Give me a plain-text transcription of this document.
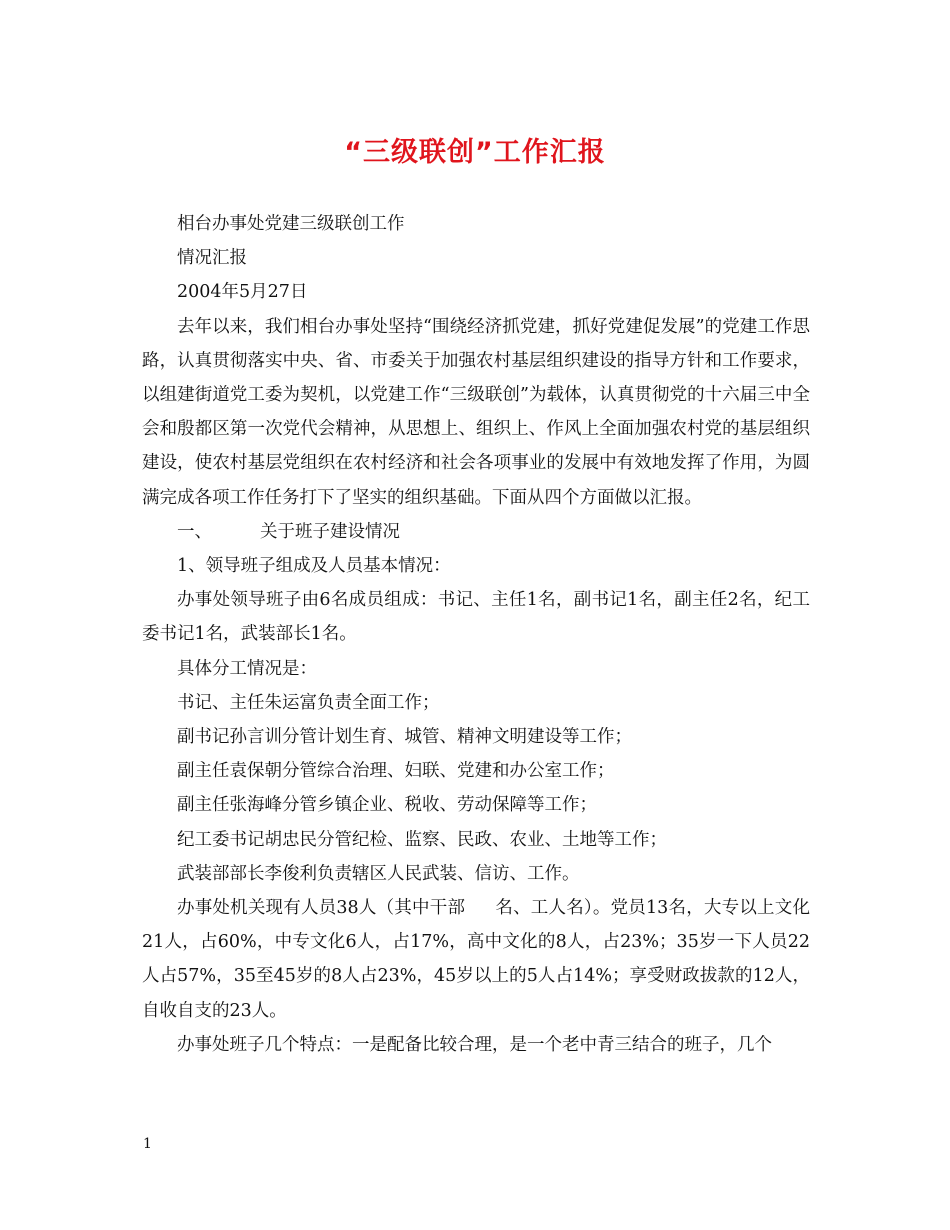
“三级联创”工作汇报

相台办事处党建三级联创工作

情况汇报

2004年5月27日

去年以来，我们相台办事处坚持“围绕经济抓党建，抓好党建促发展”的党建工作思路，认真贯彻落实中央、省、市委关于加强农村基层组织建设的指导方针和工作要求，以组建街道党工委为契机，以党建工作“三级联创”为载体，认真贯彻党的十六届三中全会和殷都区第一次党代会精神，从思想上、组织上、作风上全面加强农村党的基层组织建设，使农村基层党组织在农村经济和社会各项事业的发展中有效地发挥了作用，为圆满完成各项工作任务打下了坚实的组织基础。下面从四个方面做以汇报。

一、	关于班子建设情况

1、领导班子组成及人员基本情况：

办事处领导班子由6名成员组成：书记、主任1名，副书记1名，副主任2名，纪工委书记1名，武装部长1名。

具体分工情况是：

书记、主任朱运富负责全面工作；

副书记孙言训分管计划生育、城管、精神文明建设等工作；

副主任袁保朝分管综合治理、妇联、党建和办公室工作；

副主任张海峰分管乡镇企业、税收、劳动保障等工作；

纪工委书记胡忠民分管纪检、监察、民政、农业、土地等工作；

武装部部长李俊利负责辖区人民武装、信访、工作。

办事处机关现有人员38人（其中干部 名、工人名）。党员13名，大专以上文化21人，占60%，中专文化6人，占17%，高中文化的8人，占23%；35岁一下人员22人占57%，35至45岁的8人占23%，45岁以上的5人占14%；享受财政拔款的12人，自收自支的23人。

办事处班子几个特点：一是配备比较合理，是一个老中青三结合的班子，几个

1
